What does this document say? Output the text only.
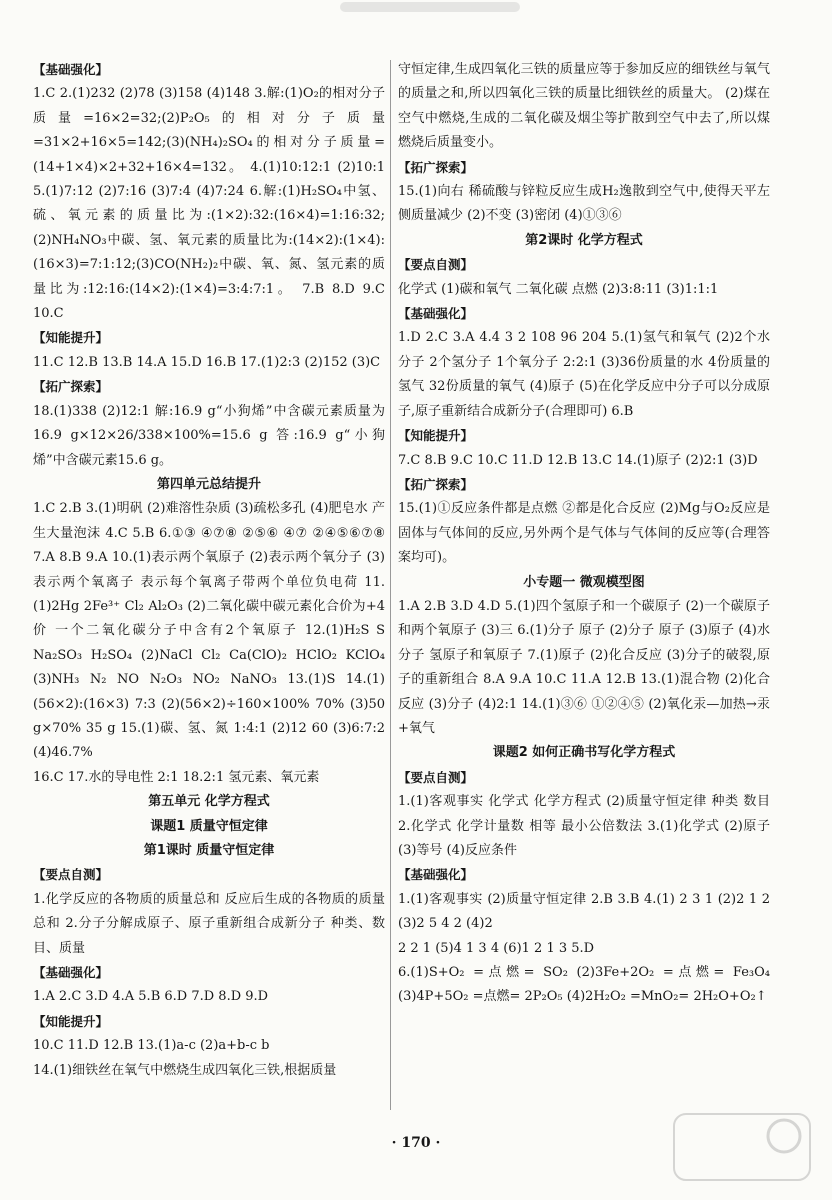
【基础强化】
1.C 2.(1)232 (2)78 (3)158 (4)148 3.解:(1)O₂的相对分子质量=16×2=32;(2)P₂O₅的相对分子质量=31×2+16×5=142;(3)(NH₄)₂SO₄的相对分子质量=(14+1×4)×2+32+16×4=132。 4.(1)10:12:1 (2)10:1 5.(1)7:12 (2)7:16 (3)7:4 (4)7:24 6.解:(1)H₂SO₄中氢、硫、氧元素的质量比为:(1×2):32:(16×4)=1:16:32;(2)NH₄NO₃中碳、氢、氧元素的质量比为:(14×2):(1×4):(16×3)=7:1:12;(3)CO(NH₂)₂中碳、氧、氮、氢元素的质量比为:12:16:(14×2):(1×4)=3:4:7:1。 7.B 8.D 9.C 10.C
【知能提升】
11.C 12.B 13.B 14.A 15.D 16.B 17.(1)2:3 (2)152 (3)C
【拓广探索】
18.(1)338 (2)12:1 解:16.9 g“小狗烯”中含碳元素质量为16.9 g×12×26/338×100%=15.6 g 答:16.9 g“小狗烯”中含碳元素15.6 g。
第四单元总结提升
1.C 2.B 3.(1)明矾 (2)难溶性杂质 (3)疏松多孔 (4)肥皂水 产生大量泡沫 4.C 5.B 6.①③ ④⑦⑧ ②⑤⑥ ④⑦ ②④⑤⑥⑦⑧ 7.A 8.B 9.A 10.(1)表示两个氧原子 (2)表示两个氧分子 (3)表示两个氧离子 表示每个氧离子带两个单位负电荷 11.(1)2Hg 2Fe³⁺ Cl₂ Al₂O₃ (2)二氧化碳中碳元素化合价为+4价 一个二氧化碳分子中含有2个氧原子 12.(1)H₂S S Na₂SO₃ H₂SO₄ (2)NaCl Cl₂ Ca(ClO)₂ HClO₂ KClO₄ (3)NH₃ N₂ NO N₂O₃ NO₂ NaNO₃ 13.(1)S 14.(1)(56×2):(16×3) 7:3 (2)(56×2)÷160×100% 70% (3)50 g×70% 35 g 15.(1)碳、氢、氮 1:4:1 (2)12 60 (3)6:7:2 (4)46.7%
16.C 17.水的导电性 2:1 18.2:1 氢元素、氧元素
第五单元 化学方程式
课题1 质量守恒定律
第1课时 质量守恒定律
【要点自测】
1.化学反应的各物质的质量总和 反应后生成的各物质的质量总和 2.分子分解成原子、原子重新组合成新分子 种类、数目、质量
【基础强化】
1.A 2.C 3.D 4.A 5.B 6.D 7.D 8.D 9.D
【知能提升】
10.C 11.D 12.B 13.(1)a-c (2)a+b-c b
14.(1)细铁丝在氧气中燃烧生成四氧化三铁,根据质量
守恒定律,生成四氧化三铁的质量应等于参加反应的细铁丝与氧气的质量之和,所以四氧化三铁的质量比细铁丝的质量大。 (2)煤在空气中燃烧,生成的二氧化碳及烟尘等扩散到空气中去了,所以煤燃烧后质量变小。
【拓广探索】
15.(1)向右 稀硫酸与锌粒反应生成H₂逸散到空气中,使得天平左侧质量减少 (2)不变 (3)密闭 (4)①③⑥
第2课时 化学方程式
【要点自测】
化学式 (1)碳和氧气 二氧化碳 点燃 (2)3:8:11 (3)1:1:1
【基础强化】
1.D 2.C 3.A 4.4 3 2 108 96 204 5.(1)氢气和氧气 (2)2个水分子 2个氢分子 1个氧分子 2:2:1 (3)36份质量的水 4份质量的氢气 32份质量的氧气 (4)原子 (5)在化学反应中分子可以分成原子,原子重新结合成新分子(合理即可) 6.B
【知能提升】
7.C 8.B 9.C 10.C 11.D 12.B 13.C 14.(1)原子 (2)2:1 (3)D
【拓广探索】
15.(1)①反应条件都是点燃 ②都是化合反应 (2)Mg与O₂反应是固体与气体间的反应,另外两个是气体与气体间的反应等(合理答案均可)。
小专题一 微观模型图
1.A 2.B 3.D 4.D 5.(1)四个氢原子和一个碳原子 (2)一个碳原子和两个氧原子 (3)三 6.(1)分子 原子 (2)分子 原子 (3)原子 (4)水分子 氢原子和氧原子 7.(1)原子 (2)化合反应 (3)分子的破裂,原子的重新组合 8.A 9.A 10.C 11.A 12.B 13.(1)混合物 (2)化合反应 (3)分子 (4)2:1 14.(1)③⑥ ①②④⑤ (2)氧化汞—加热→汞+氧气
课题2 如何正确书写化学方程式
【要点自测】
1.(1)客观事实 化学式 化学方程式 (2)质量守恒定律 种类 数目 2.化学式 化学计量数 相等 最小公倍数法 3.(1)化学式 (2)原子 (3)等号 (4)反应条件
【基础强化】
1.(1)客观事实 (2)质量守恒定律 2.B 3.B 4.(1) 2 3 1 (2)2 1 2 (3)2 5 4 2 (4)2
2 2 1 (5)4 1 3 4 (6)1 2 1 3 5.D
6.(1)S+O₂ =点燃= SO₂ (2)3Fe+2O₂ =点燃= Fe₃O₄ (3)4P+5O₂ =点燃= 2P₂O₅ (4)2H₂O₂ =MnO₂= 2H₂O+O₂↑
· 170 ·
